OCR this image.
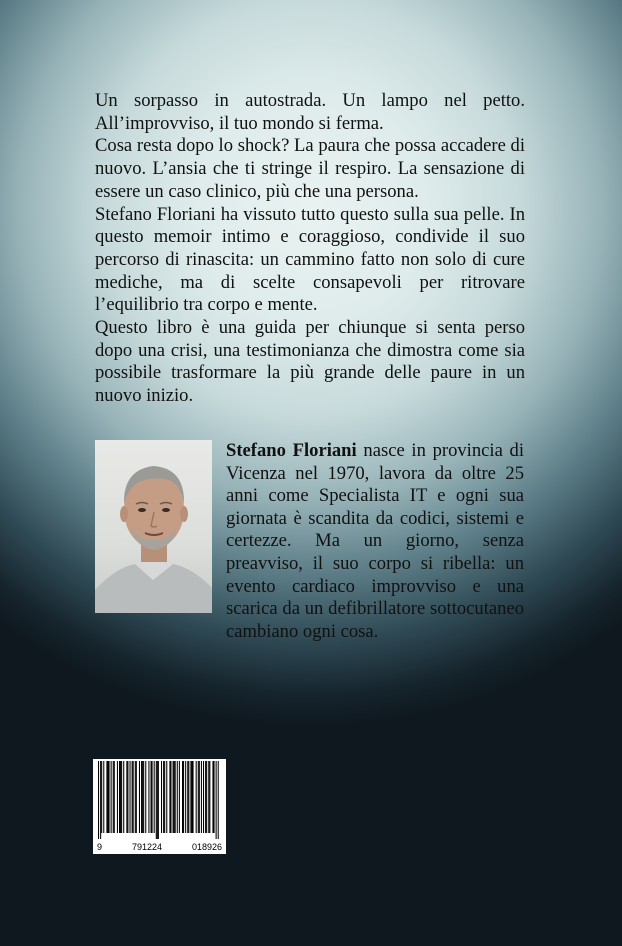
Un sorpasso in autostrada. Un lampo nel petto. All’improvviso, il tuo mondo si ferma.

Cosa resta dopo lo shock? La paura che possa accadere di nuovo. L’ansia che ti stringe il respiro. La sensazione di essere un caso clinico, più che una persona.

Stefano Floriani ha vissuto tutto questo sulla sua pelle. In questo memoir intimo e coraggioso, condivide il suo percorso di rinascita: un cammino fatto non solo di cure mediche, ma di scelte consapevoli per ritrovare l’equilibrio tra corpo e mente.

Questo libro è una guida per chiunque si senta perso dopo una crisi, una testimonianza che dimostra come sia possibile trasformare la più grande delle paure in un nuovo inizio.

Stefano Floriani nasce in provincia di Vicenza nel 1970, lavora da oltre 25 anni come Specialista IT e ogni sua giornata è scandita da codici, sistemi e certezze. Ma un giorno, senza preavviso, il suo corpo si ribella: un evento cardiaco improvviso e una scarica da un defibrillatore sottocutaneo cambiano ogni cosa.
9	791224	018926
